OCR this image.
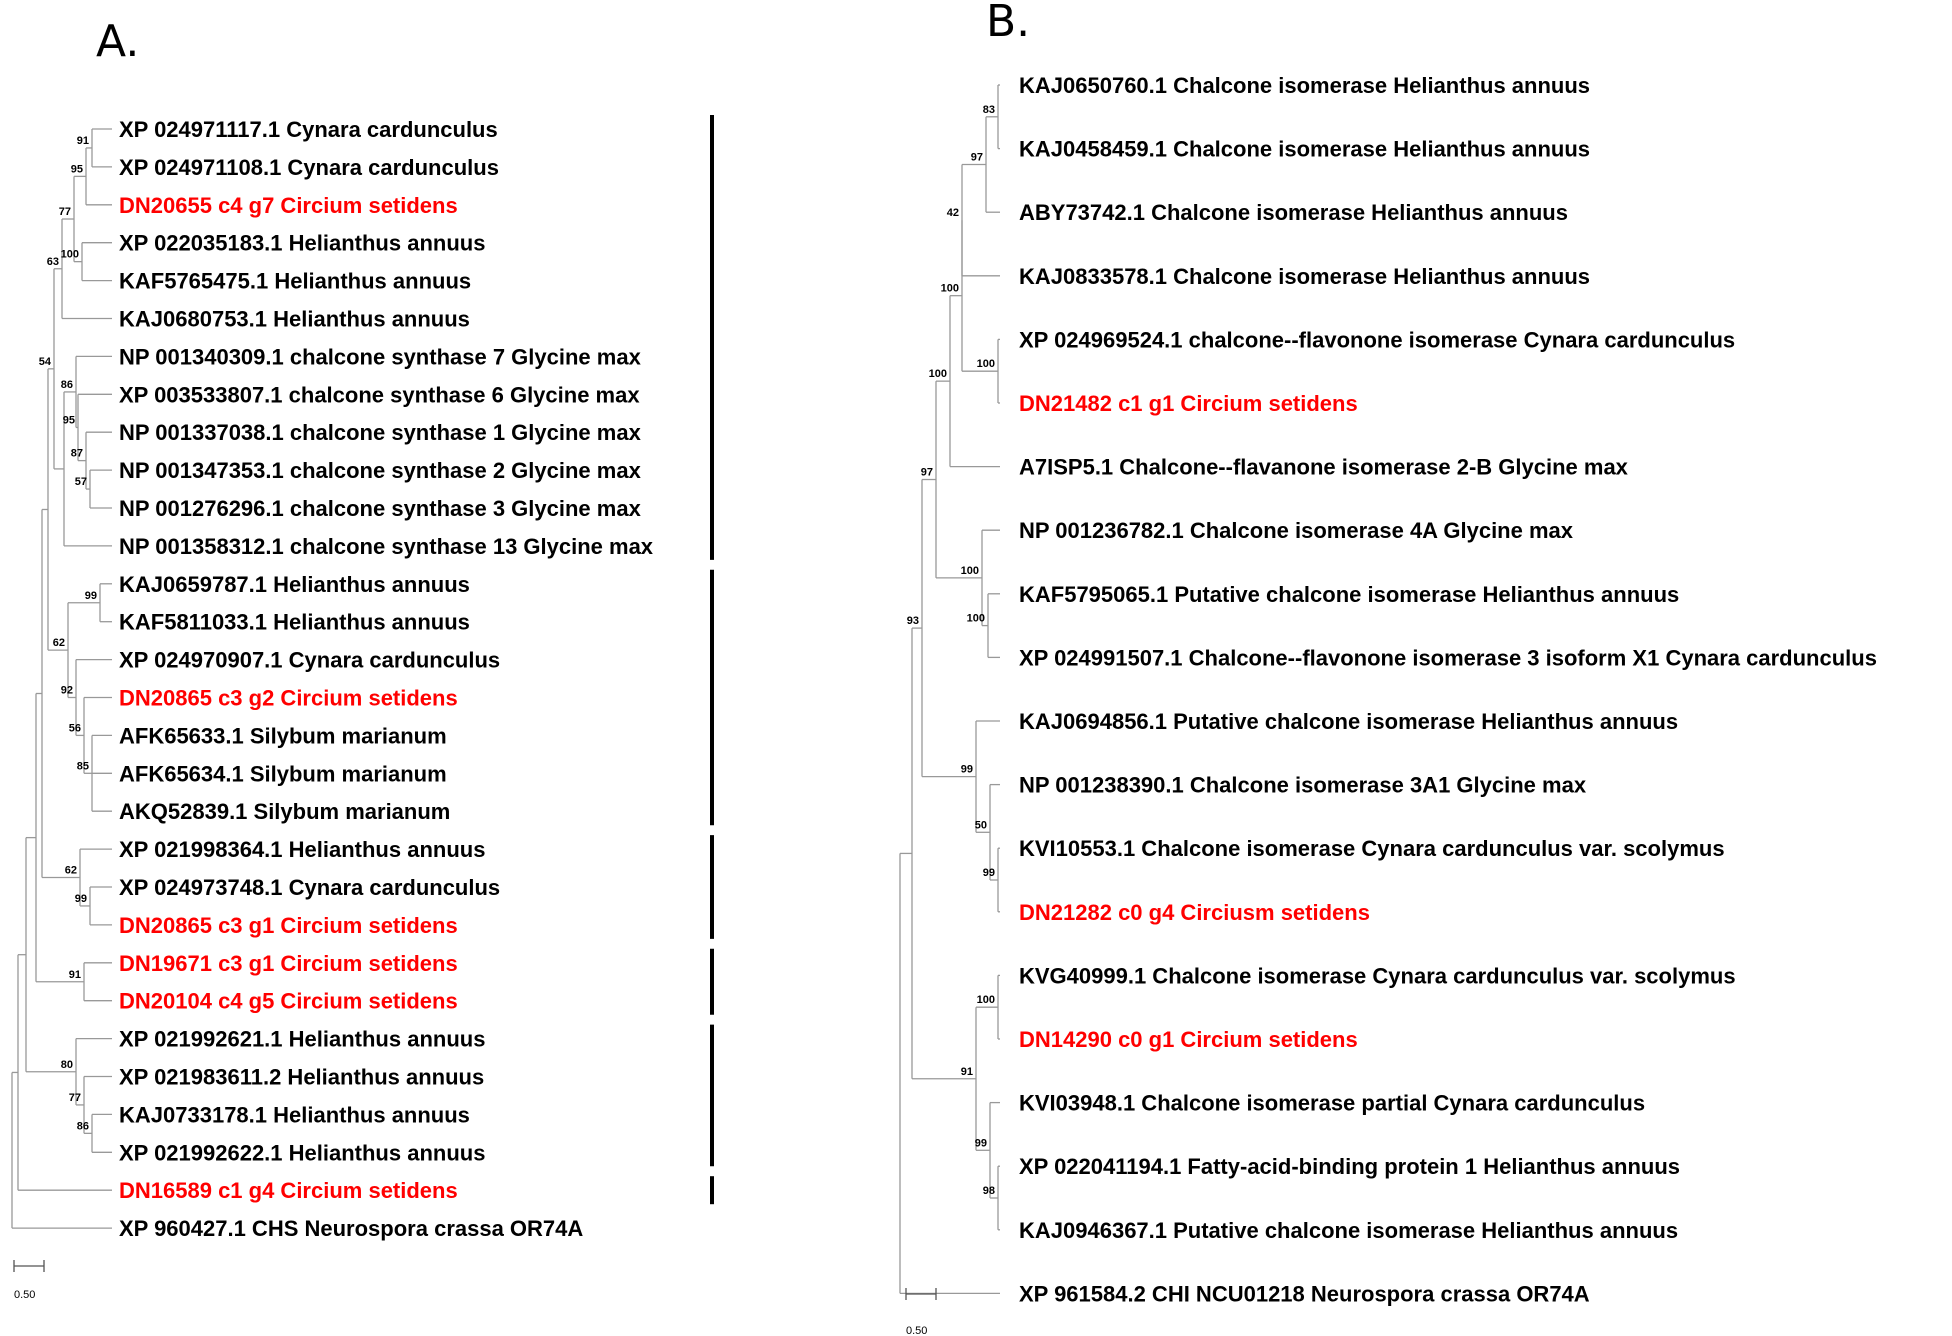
A.	B.
XP 024971117.1 Cynara cardunculus
XP 024971108.1 Cynara cardunculus
DN20655 c4 g7 Circium setidens
XP 022035183.1 Helianthus annuus
KAF5765475.1 Helianthus annuus
KAJ0680753.1 Helianthus annuus
NP 001340309.1 chalcone synthase 7 Glycine max
XP 003533807.1 chalcone synthase 6 Glycine max
NP 001337038.1 chalcone synthase 1 Glycine max
NP 001347353.1 chalcone synthase 2 Glycine max
NP 001276296.1 chalcone synthase 3 Glycine max
NP 001358312.1 chalcone synthase 13 Glycine max
KAJ0659787.1 Helianthus annuus
KAF5811033.1 Helianthus annuus
XP 024970907.1 Cynara cardunculus
DN20865 c3 g2 Circium setidens
AFK65633.1 Silybum marianum
AFK65634.1 Silybum marianum
AKQ52839.1 Silybum marianum
XP 021998364.1 Helianthus annuus
XP 024973748.1 Cynara cardunculus
DN20865 c3 g1 Circium setidens
DN19671 c3 g1 Circium setidens
DN20104 c4 g5 Circium setidens
XP 021992621.1 Helianthus annuus
XP 021983611.2 Helianthus annuus
KAJ0733178.1 Helianthus annuus
XP 021992622.1 Helianthus annuus
DN16589 c1 g4 Circium setidens
XP 960427.1 CHS Neurospora crassa OR74A
KAJ0650760.1 Chalcone isomerase Helianthus annuus
KAJ0458459.1 Chalcone isomerase Helianthus annuus
ABY73742.1 Chalcone isomerase Helianthus annuus
KAJ0833578.1 Chalcone isomerase Helianthus annuus
XP 024969524.1 chalcone--flavonone isomerase Cynara cardunculus
DN21482 c1 g1 Circium setidens
A7ISP5.1 Chalcone--flavanone isomerase 2-B Glycine max
NP 001236782.1 Chalcone isomerase 4A Glycine max
KAF5795065.1 Putative chalcone isomerase Helianthus annuus
XP 024991507.1 Chalcone--flavonone isomerase 3 isoform X1 Cynara cardunculus
KAJ0694856.1 Putative chalcone isomerase Helianthus annuus
NP 001238390.1 Chalcone isomerase 3A1 Glycine max
KVI10553.1 Chalcone isomerase Cynara cardunculus var. scolymus
DN21282 c0 g4 Circiusm setidens
KVG40999.1 Chalcone isomerase Cynara cardunculus var. scolymus
DN14290 c0 g1 Circium setidens
KVI03948.1 Chalcone isomerase partial Cynara cardunculus
XP 022041194.1 Fatty-acid-binding protein 1 Helianthus annuus
KAJ0946367.1 Putative chalcone isomerase Helianthus annuus
XP 961584.2 CHI NCU01218 Neurospora crassa OR74A
91
95
100
77
63
57
87
95
86
54
99
85
56
92
62
99
62
91
86
77
80
83
97
42
100
100
100
100
100
97
99
50
99
93
100
98
99
91
0.50
0.50
